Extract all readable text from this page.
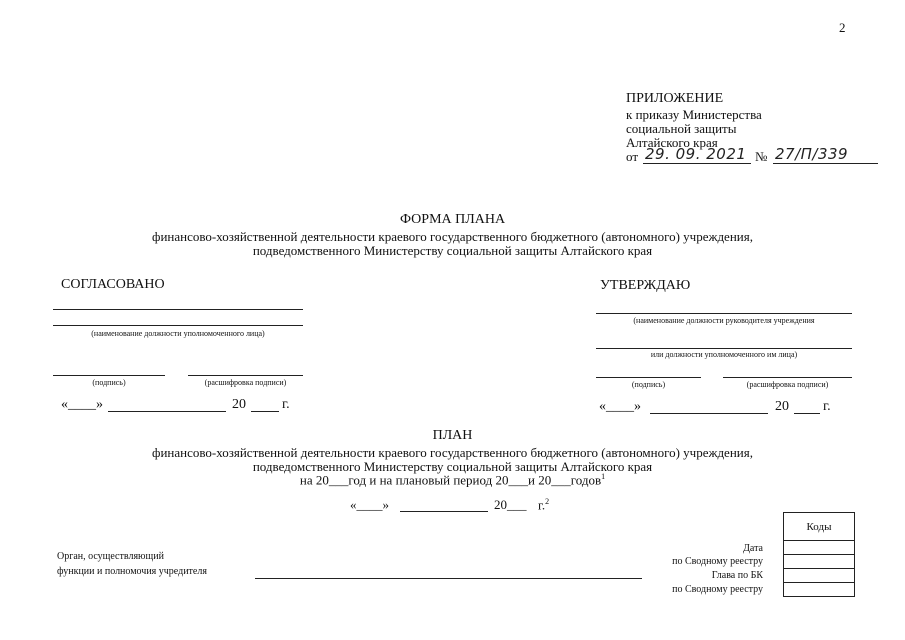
2
ПРИЛОЖЕНИЕ
к приказу Министерства
социальной защиты
Алтайского края
от 29. 09. 2021 № 27/П/339
ФОРМА ПЛАНА
финансово-хозяйственной деятельности краевого государственного бюджетного (автономного) учреждения,
подведомственного Министерству социальной защиты Алтайского края
СОГЛАСОВАНО
(наименование должности уполномоченного лица)
(подпись)	(расшифровка подписи)
«____»	20	г.
УТВЕРЖДАЮ
(наименование должности руководителя учреждения
или должности уполномоченного им лица)
(подпись)	(расшифровка подписи)
«____»	20 г.
ПЛАН
финансово-хозяйственной деятельности краевого государственного бюджетного (автономного) учреждения,
подведомственного Министерству социальной защиты Алтайского края
на 20___год и на плановый период 20___и 20___годов$^1$
«____»	20___ г.$^2$
Орган, осуществляющий
функции и полномочия учредителя
Дата
по Сводному реестру
Глава по БК
по Сводному реестру
Коды
